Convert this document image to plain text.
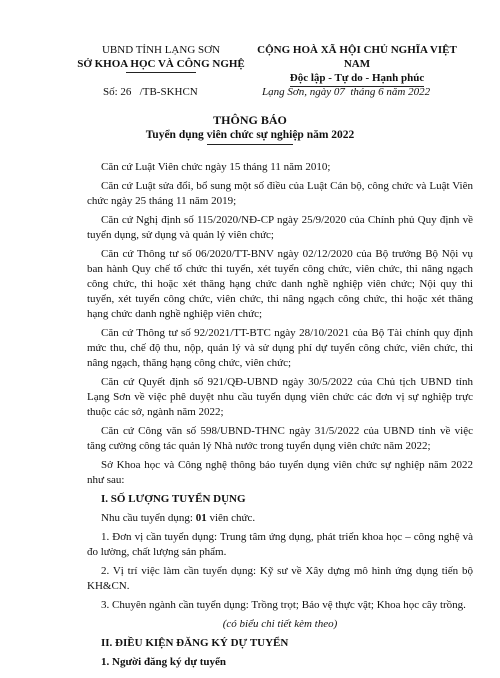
UBND TỈNH LẠNG SƠN
SỞ KHOA HỌC VÀ CÔNG NGHỆ
CỘNG HOÀ XÃ HỘI CHỦ NGHĨA VIỆT NAM
Độc lập - Tự do - Hạnh phúc
Số: 26   /TB-SKHCN	Lạng Sơn, ngày 07  tháng 6 năm 2022
THÔNG BÁO
Tuyển dụng viên chức sự nghiệp năm 2022

Căn cứ Luật Viên chức ngày 15 tháng 11 năm 2010;

Căn cứ Luật sửa đổi, bổ sung một số điều của Luật Cán bộ, công chức và Luật Viên chức ngày 25 tháng 11 năm 2019;

Căn cứ Nghị định số 115/2020/NĐ-CP ngày 25/9/2020 của Chính phủ Quy định về tuyển dụng, sử dụng và quản lý viên chức;

Căn cứ Thông tư số 06/2020/TT-BNV ngày 02/12/2020 của Bộ trưởng Bộ Nội vụ ban hành Quy chế tổ chức thi tuyển, xét tuyển công chức, viên chức, thi nâng ngạch công chức, thi hoặc xét thăng hạng chức danh nghề nghiệp viên chức; Nội quy thi tuyển, xét tuyển công chức, viên chức, thi nâng ngạch công chức, thi hoặc xét thăng hạng chức danh nghề nghiệp viên chức;

Căn cứ Thông tư số 92/2021/TT-BTC ngày 28/10/2021 của Bộ Tài chính quy định mức thu, chế độ thu, nộp, quản lý và sử dụng phí dự tuyển công chức, viên chức, thi nâng ngạch, thăng hạng công chức, viên chức;

Căn cứ Quyết định số 921/QĐ-UBND ngày 30/5/2022 của Chủ tịch UBND tỉnh Lạng Sơn về việc phê duyệt nhu cầu tuyển dụng viên chức các đơn vị sự nghiệp trực thuộc các sở, ngành năm 2022;

Căn cứ Công văn số 598/UBND-THNC ngày 31/5/2022 của UBND tỉnh về việc tăng cường công tác quản lý Nhà nước trong tuyển dụng viên chức năm 2022;

Sở Khoa học và Công nghệ thông báo tuyển dụng viên chức sự nghiệp năm 2022 như sau:

I. SỐ LƯỢNG TUYỂN DỤNG

Nhu cầu tuyển dụng: 01 viên chức.

1. Đơn vị cần tuyển dụng: Trung tâm ứng dụng, phát triển khoa học – công nghệ và đo lường, chất lượng sản phẩm.

2. Vị trí việc làm cần tuyển dụng: Kỹ sư về Xây dựng mô hình ứng dụng tiến bộ KH&CN.

3. Chuyên ngành cần tuyển dụng: Trồng trọt; Bảo vệ thực vật; Khoa học cây trồng.

(có biểu chi tiết kèm theo)

II. ĐIỀU KIỆN ĐĂNG KÝ DỰ TUYỂN

1. Người đăng ký dự tuyển
